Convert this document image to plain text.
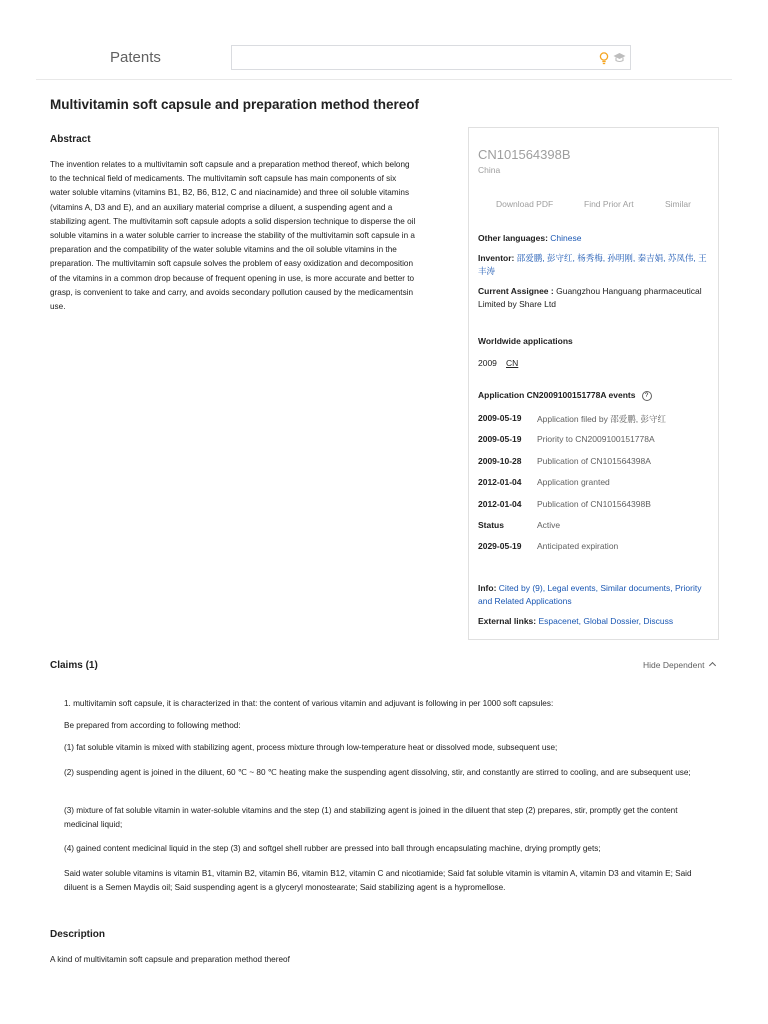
Patents
Multivitamin soft capsule and preparation method thereof
Abstract

The invention relates to a multivitamin soft capsule and a preparation method thereof, which belong to the technical field of medicaments. The multivitamin soft capsule has main components of six water soluble vitamins (vitamins B1, B2, B6, B12, C and niacinamide) and three oil soluble vitamins (vitamins A, D3 and E), and an auxiliary material comprise a diluent, a suspending agent and a stabilizing agent. The multivitamin soft capsule adopts a solid dispersion technique to disperse the oil soluble vitamins in a water soluble carrier to increase the stability of the multivitamin soft capsule in a preparation and the compatibility of the water soluble vitamins and the oil soluble vitamins in the preparation. The multivitamin soft capsule solves the problem of easy oxidization and decomposition of the vitamins in a common drop because of frequent opening in use, is more accurate and better to grasp, is convenient to take and carry, and avoids secondary pollution caused by the medicamentsin use.

CN101564398B
China
Download PDF	Find Prior Art	Similar
Other languages: Chinese
Inventor: 邵爱鹏, 彭守红, 杨秀梅, 孙明刚, 秦吉娟, 苏凤伟, 王丰涛
Current Assignee : Guangzhou Hanguang pharmaceutical Limited by Share Ltd
Worldwide applications
2009 CN
Application CN2009100151778A events ?
2009-05-19 Application filed by 邵爱鹏, 彭守红
2009-05-19 Priority to CN2009100151778A
2009-10-28 Publication of CN101564398A
2012-01-04 Application granted
2012-01-04 Publication of CN101564398B
Status	Active
2029-05-19 Anticipated expiration
Info: Cited by (9), Legal events, Similar documents, Priority and Related Applications
External links: Espacenet, Global Dossier, Discuss
Claims (1)	Hide Dependent
1. multivitamin soft capsule, it is characterized in that: the content of various vitamin and adjuvant is following in per 1000 soft capsules:
Be prepared from according to following method:
(1) fat soluble vitamin is mixed with stabilizing agent, process mixture through low-temperature heat or dissolved mode, subsequent use;
(2) suspending agent is joined in the diluent, 60 ℃ ~ 80 ℃ heating make the suspending agent dissolving, stir, and constantly are stirred to cooling, and are subsequent use;
(3) mixture of fat soluble vitamin in water-soluble vitamins and the step (1) and stabilizing agent is joined in the diluent that step (2) prepares, stir, promptly get the content medicinal liquid;
(4) gained content medicinal liquid in the step (3) and softgel shell rubber are pressed into ball through encapsulating machine, drying promptly gets;
Said water soluble vitamins is vitamin B1, vitamin B2, vitamin B6, vitamin B12, vitamin C and nicotiamide; Said fat soluble vitamin is vitamin A, vitamin D3 and vitamin E; Said diluent is a Semen Maydis oil; Said suspending agent is a glyceryl monostearate; Said stabilizing agent is a hypromellose.
Description
A kind of multivitamin soft capsule and preparation method thereof
